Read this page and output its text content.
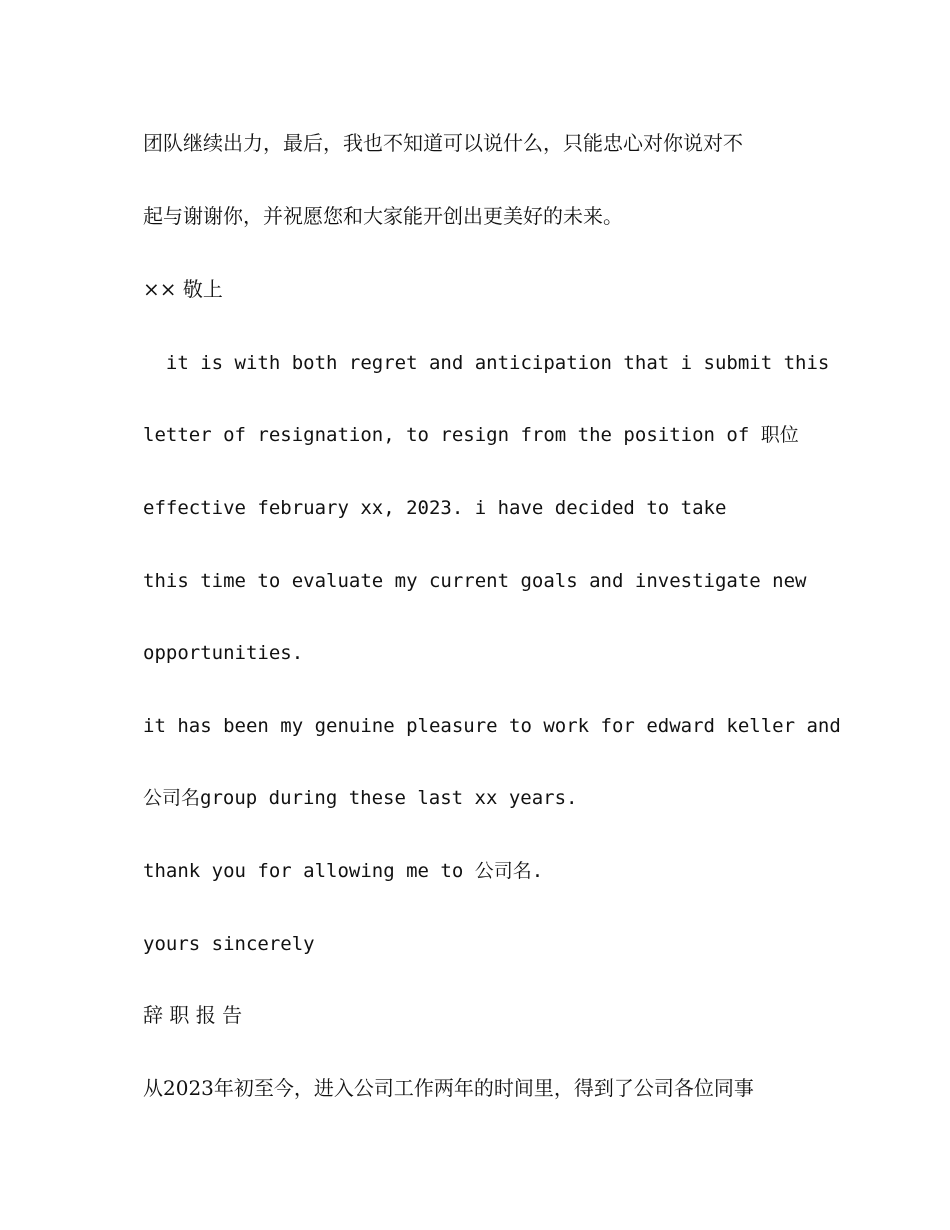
团队继续出力，最后，我也不知道可以说什么，只能忠心对你说对不

起与谢谢你，并祝愿您和大家能开创出更美好的未来。

×× 敬上

it is with both regret and anticipation that i submit this

letter of resignation, to resign from the position of 职位

effective february xx, 2023. i have decided to take

this time to evaluate my current goals and investigate new

opportunities.

it has been my genuine pleasure to work for edward keller and

公司名group during these last xx years.

thank you for allowing me to 公司名.

yours sincerely

辞 职 报 告

从2023年初至今，进入公司工作两年的时间里，得到了公司各位同事
